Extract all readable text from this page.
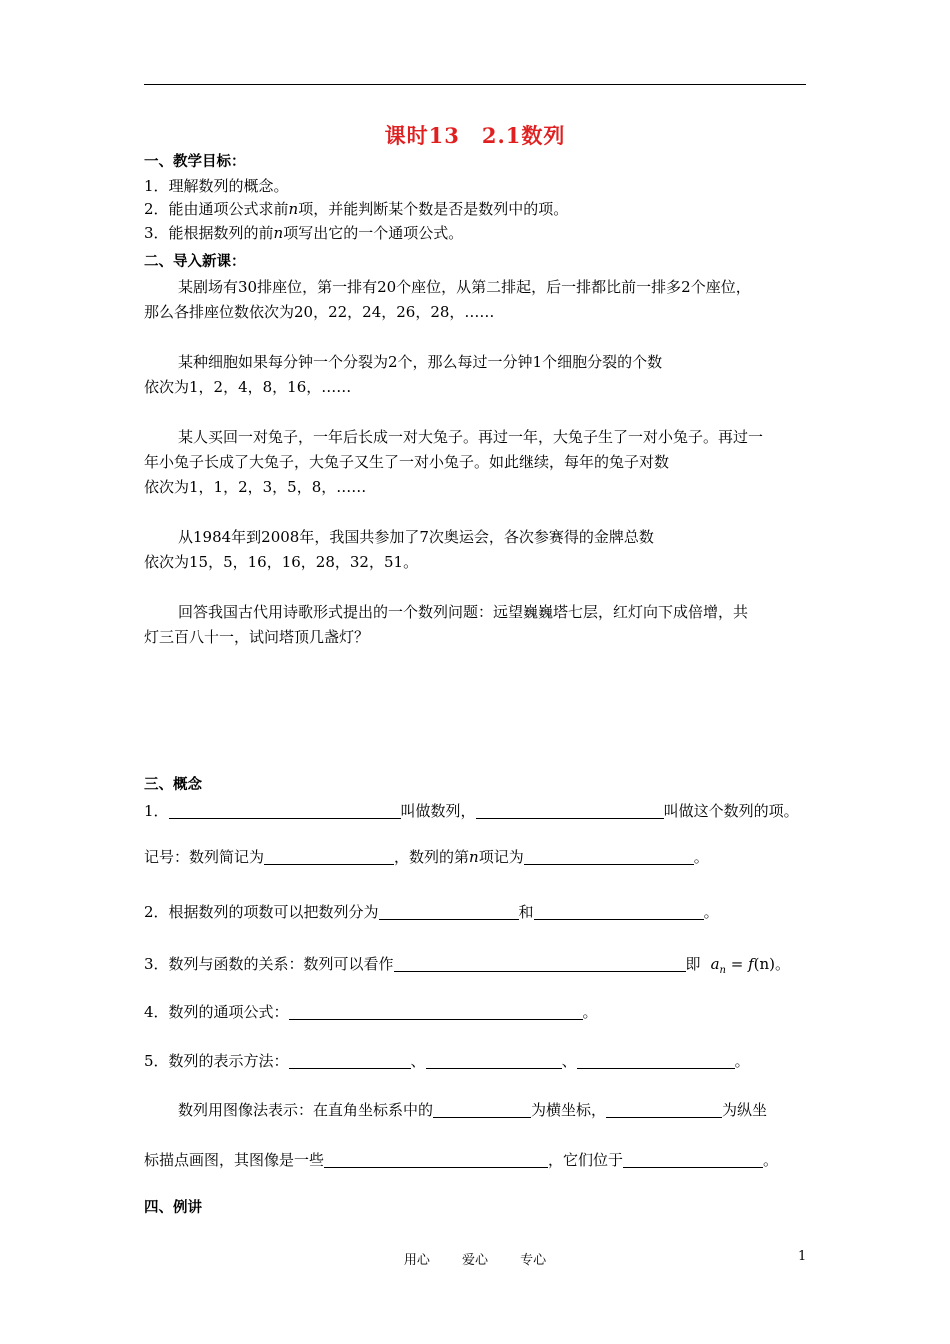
课时13　2.1数列
一、教学目标：
1．理解数列的概念。
2．能由通项公式求前n项，并能判断某个数是否是数列中的项。
3．能根据数列的前n项写出它的一个通项公式。
二、导入新课：
某剧场有30排座位，第一排有20个座位，从第二排起，后一排都比前一排多2个座位，
那么各排座位数依次为20，22，24，26，28，……
某种细胞如果每分钟一个分裂为2个，那么每过一分钟1个细胞分裂的个数
依次为1，2，4，8，16，……
某人买回一对兔子，一年后长成一对大兔子。再过一年，大兔子生了一对小兔子。再过一
年小兔子长成了大兔子，大兔子又生了一对小兔子。如此继续，每年的兔子对数
依次为1，1，2，3，5，8，……
从1984年到2008年，我国共参加了7次奥运会，各次参赛得的金牌总数
依次为15，5，16，16，28，32，51。
回答我国古代用诗歌形式提出的一个数列问题：远望巍巍塔七层，红灯向下成倍增，共
灯三百八十一，试问塔顶几盏灯？
三、概念
1．	叫做数列，	叫做这个数列的项。
记号：数列简记为	，数列的第n项记为	。
2．根据数列的项数可以把数列分为	和	。
3．数列与函数的关系：数列可以看作	即 $a_n = f(n)$。
4．数列的通项公式：	。
5．数列的表示方法：	、	、	。
数列用图像法表示：在直角坐标系中的	为横坐标，	为纵坐
标描点画图，其图像是一些	，它们位于	。
四、例讲
用心 爱心 专心	1
